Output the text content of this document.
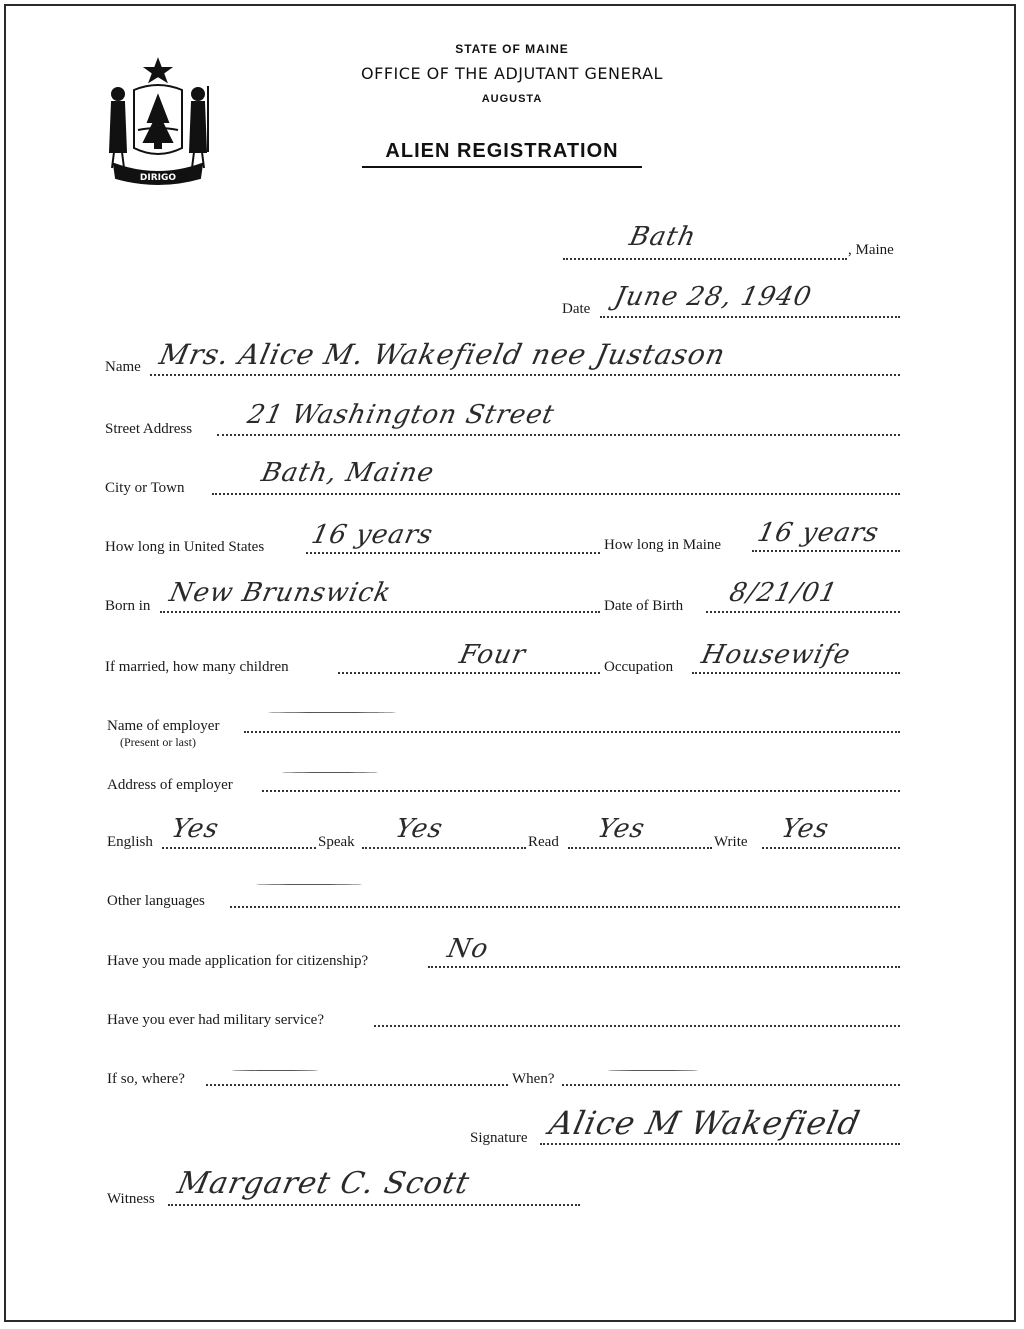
DIRIGO
STATE OF MAINE
OFFICE OF THE ADJUTANT GENERAL
AUGUSTA
ALIEN REGISTRATION
Bath	, Maine
Date June 28, 1940
Name Mrs. Alice M. Wakefield nee Justason
Street Address 21 Washington Street
City or Town	Bath, Maine
How long in United States 16 years	How long in Maine 16 years
Born in New Brunswick	Date of Birth 8/21/01
If married, how many children	Four	Occupation Housewife
Name of employer
(Present or last)
Address of employer
English Yes	Speak Yes	Read Yes	Write Yes
Other languages
Have you made application for citizenship?	No
Have you ever had military service?
If so, where?	When?
Signature Alice M Wakefield
Witness Margaret C. Scott
